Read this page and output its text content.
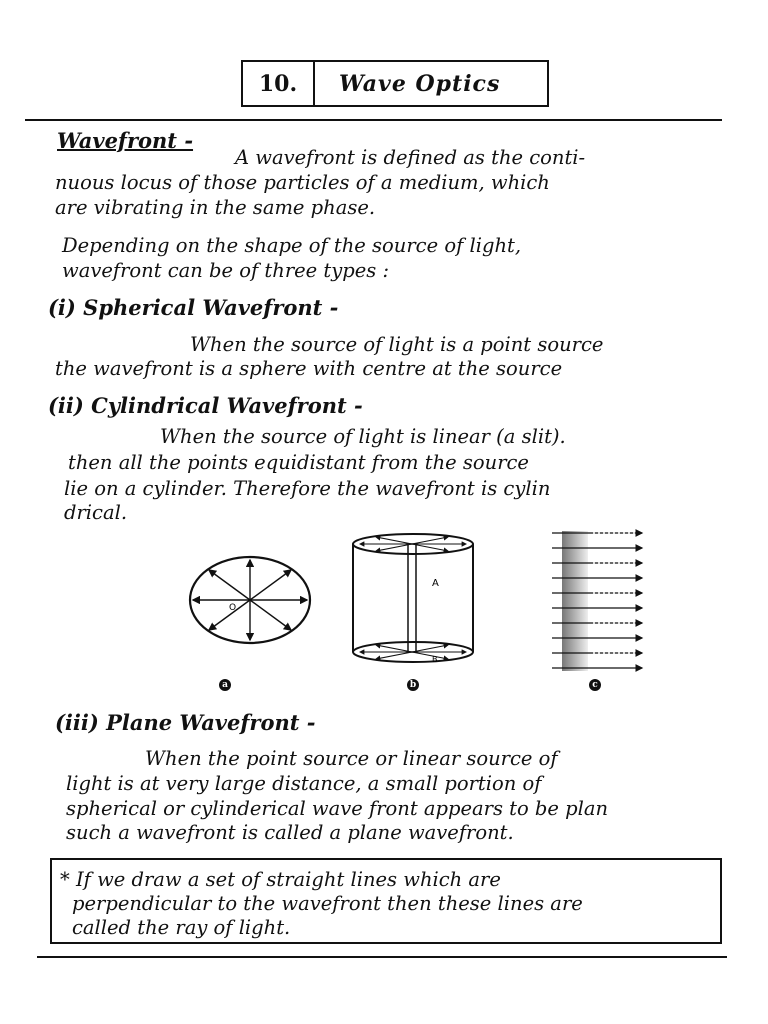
10.	Wave Optics
Wavefront -
A wavefront is defined as the conti-
nuous locus of those particles of a medium, which
are vibrating in the same phase.
Depending on the shape of the source of light,
wavefront can be of three types :
(i) Spherical Wavefront -
When the source of light is a point source
the wavefront is a sphere with centre at the source
(ii) Cylindrical Wavefront -
When the source of light is linear (a slit).
then all the points equidistant from the source
lie on a cylinder. Therefore the wavefront is cylin
drical.
O
a
A
B
b	c
(iii) Plane Wavefront -
When the point source or linear source of
light is at very large distance, a small portion of
spherical or cylinderical wave front appears to be plan
such a wavefront is called a plane wavefront.
* If we draw a set of straight lines which are
perpendicular to the wavefront then these lines are
called the ray of light.
